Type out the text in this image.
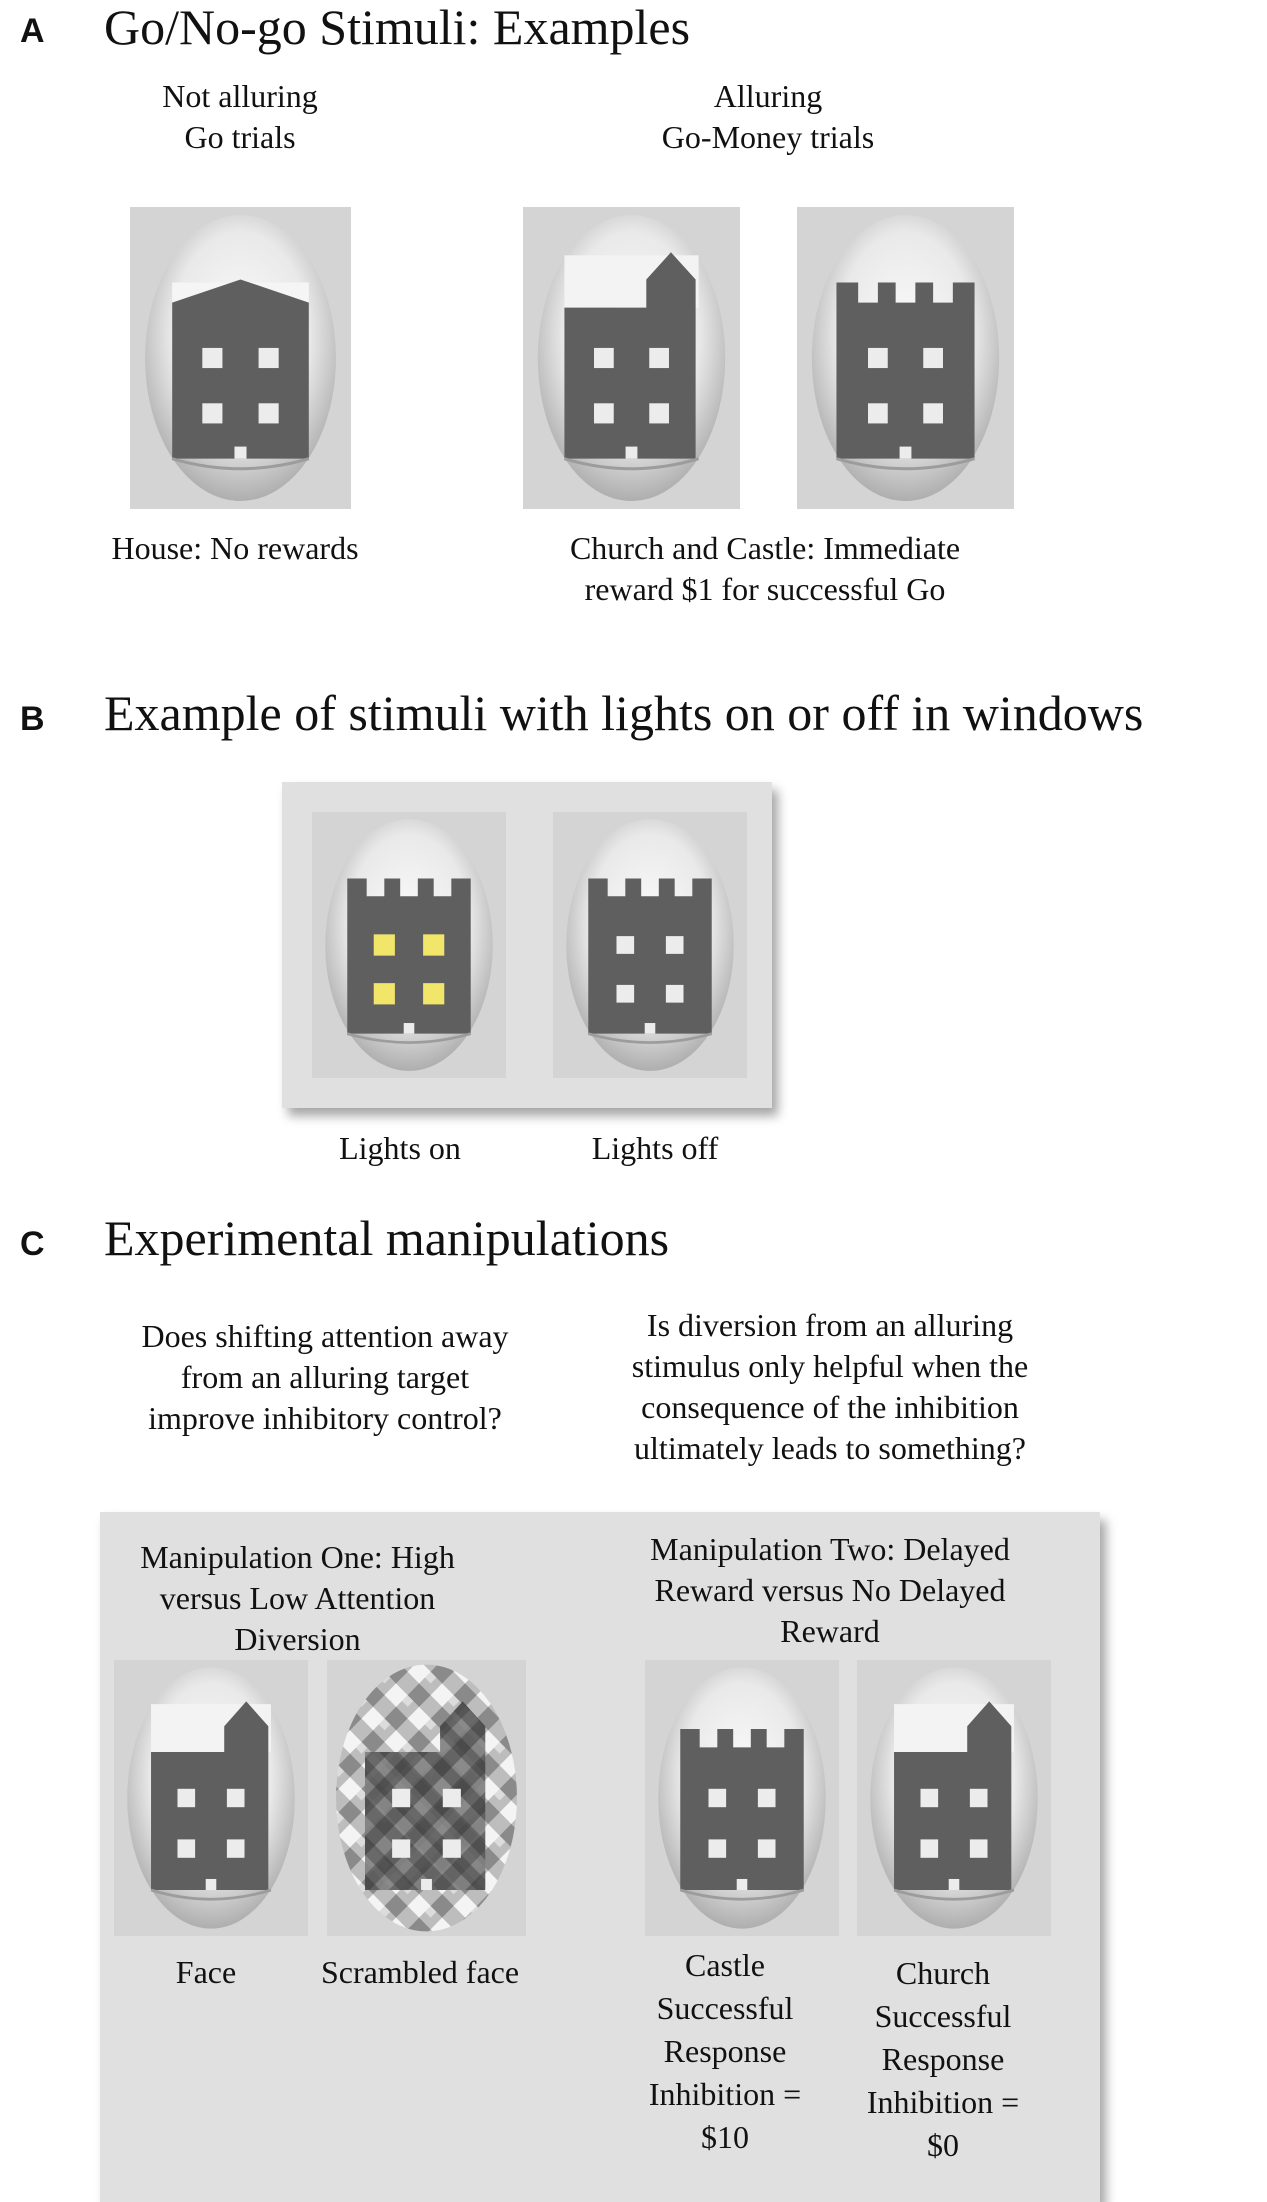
A Go/No-go Stimuli: Examples
Not alluring
Go trials
Alluring
Go-Money trials
House: No rewards	Church and Castle: Immediate
reward $1 for successful Go
B Example of stimuli with lights on or off in windows
Lights on	Lights off
C Experimental manipulations
Does shifting attention away
from an alluring target
improve inhibitory control?
Is diversion from an alluring
stimulus only helpful when the
consequence of the inhibition
ultimately leads to something?
Manipulation One: High
versus Low Attention
Diversion
Manipulation Two: Delayed
Reward versus No Delayed
Reward
Face	Scrambled face	Castle
Successful
Response
Inhibition =
$10
Church
Successful
Response
Inhibition =
$0
